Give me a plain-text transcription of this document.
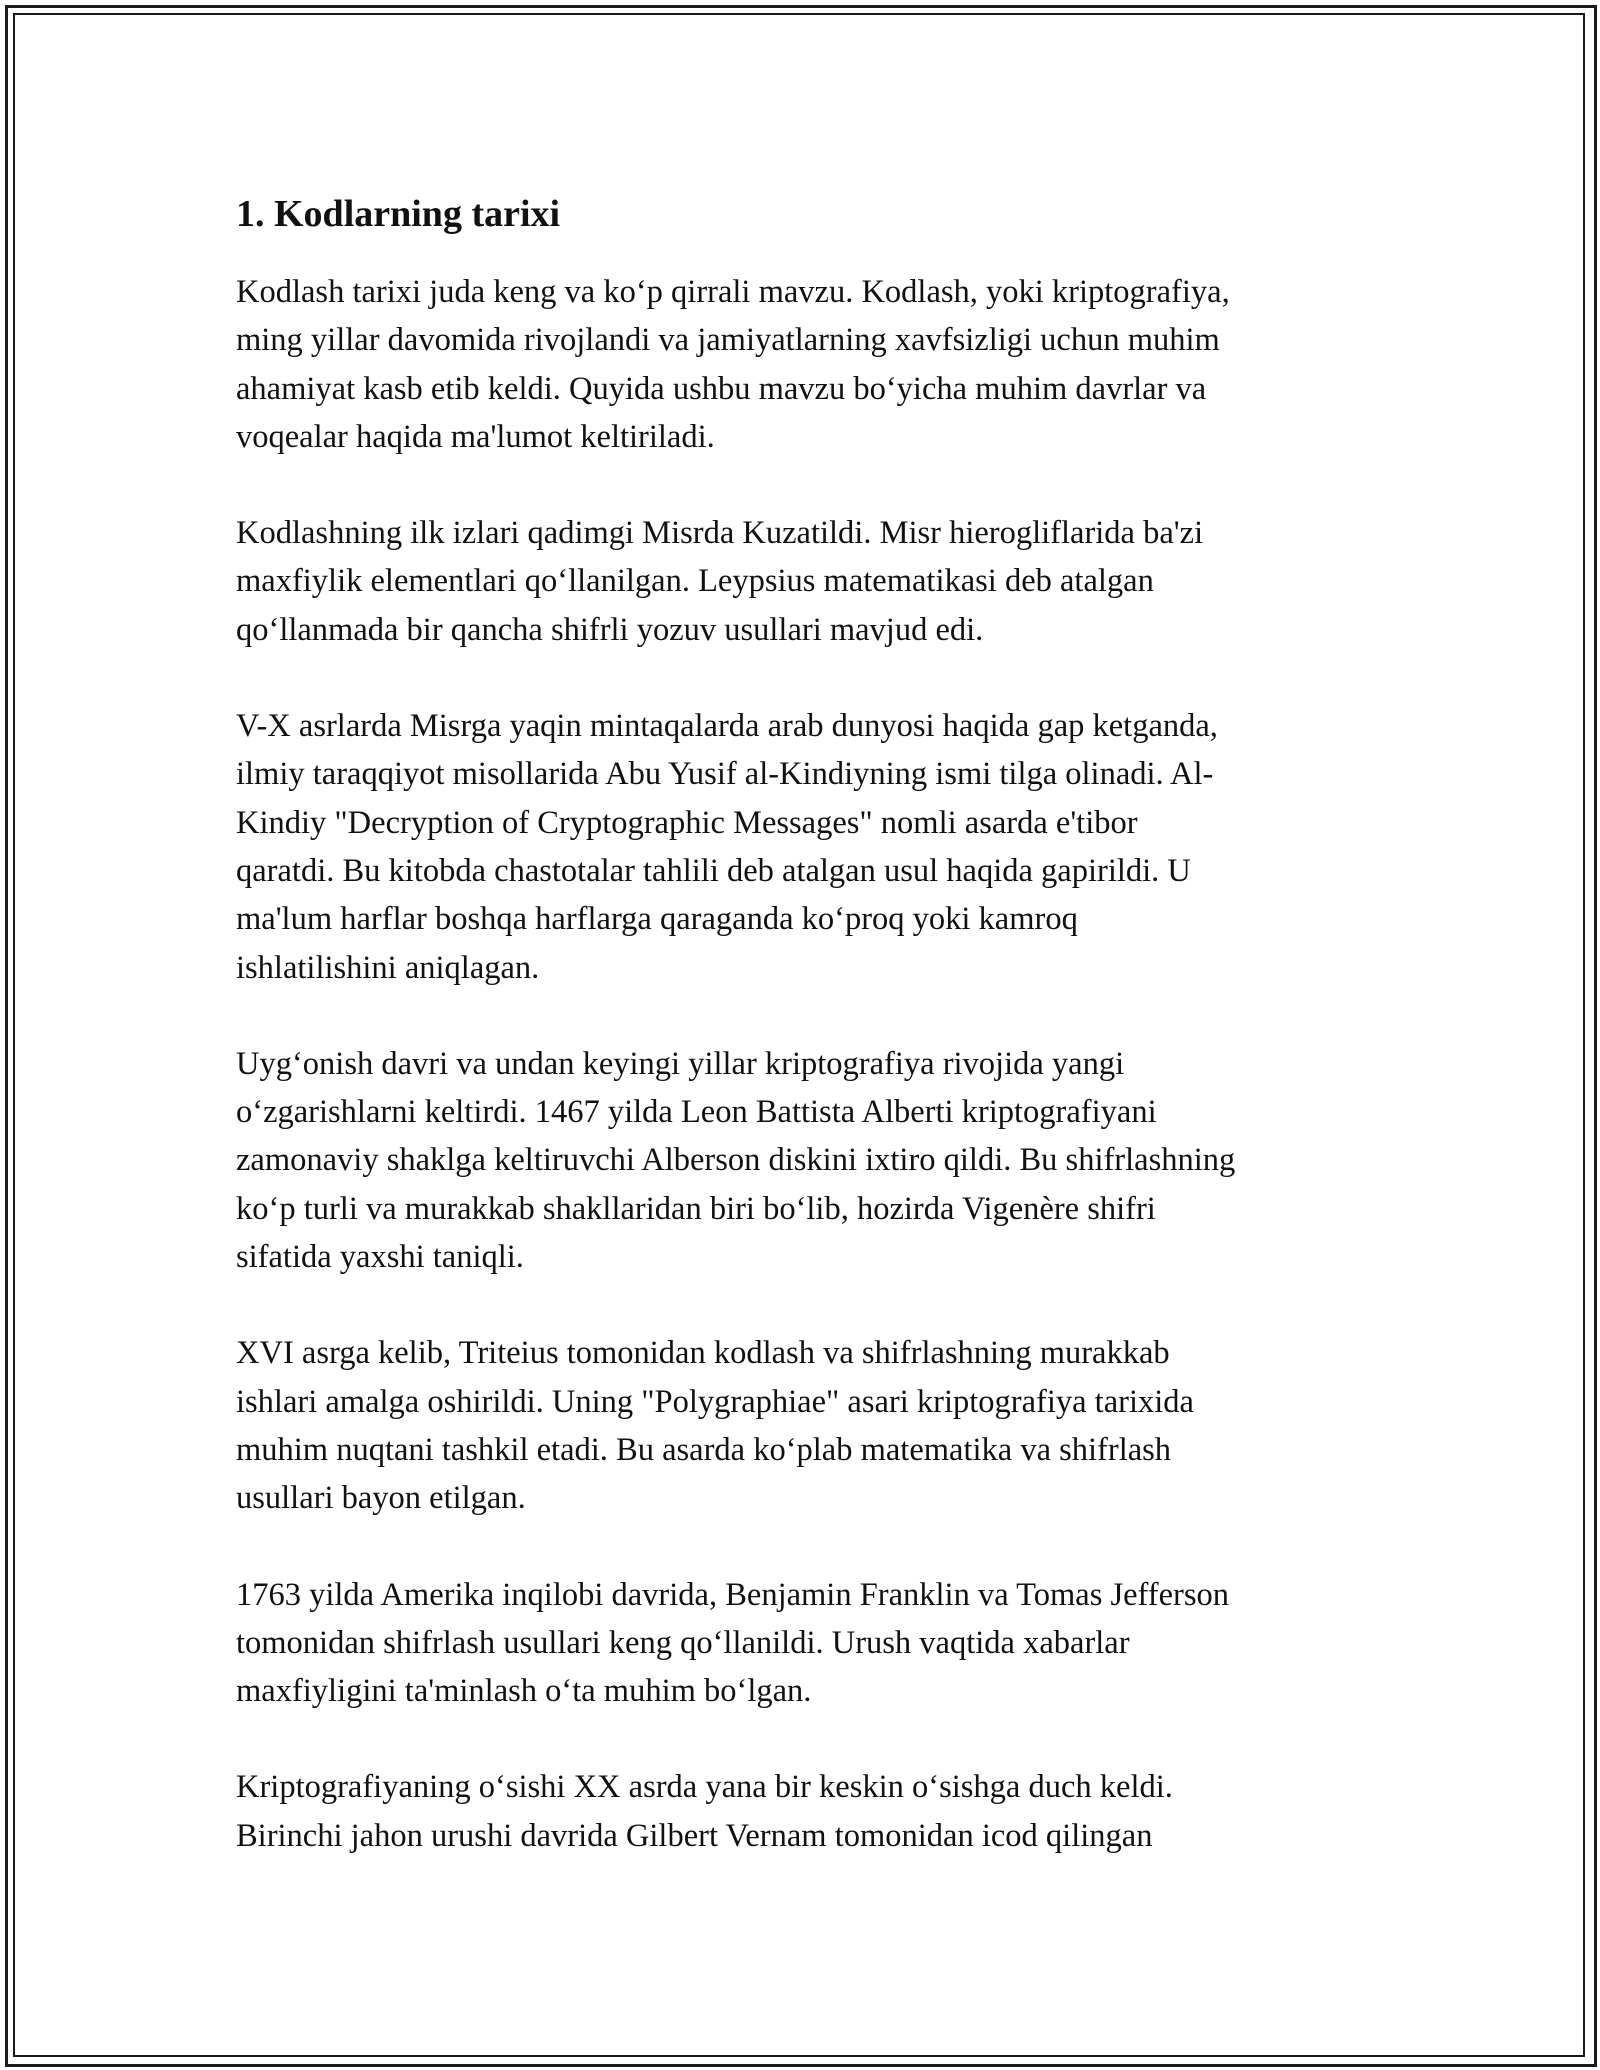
1. Kodlarning tarixi

Kodlash tarixi juda keng va ko‘p qirrali mavzu. Kodlash, yoki kriptografiya,
ming yillar davomida rivojlandi va jamiyatlarning xavfsizligi uchun muhim
ahamiyat kasb etib keldi. Quyida ushbu mavzu bo‘yicha muhim davrlar va
voqealar haqida ma'lumot keltiriladi.

Kodlashning ilk izlari qadimgi Misrda Kuzatildi. Misr hierogliflarida ba'zi
maxfiylik elementlari qo‘llanilgan. Leypsius matematikasi deb atalgan
qo‘llanmada bir qancha shifrli yozuv usullari mavjud edi.

V-X asrlarda Misrga yaqin mintaqalarda arab dunyosi haqida gap ketganda,
ilmiy taraqqiyot misollarida Abu Yusif al-Kindiyning ismi tilga olinadi. Al-
Kindiy "Decryption of Cryptographic Messages" nomli asarda e'tibor
qaratdi. Bu kitobda chastotalar tahlili deb atalgan usul haqida gapirildi. U
ma'lum harflar boshqa harflarga qaraganda ko‘proq yoki kamroq
ishlatilishini aniqlagan.

Uyg‘onish davri va undan keyingi yillar kriptografiya rivojida yangi
o‘zgarishlarni keltirdi. 1467 yilda Leon Battista Alberti kriptografiyani
zamonaviy shaklga keltiruvchi Alberson diskini ixtiro qildi. Bu shifrlashning
ko‘p turli va murakkab shakllaridan biri bo‘lib, hozirda Vigenère shifri
sifatida yaxshi taniqli.

XVI asrga kelib, Triteius tomonidan kodlash va shifrlashning murakkab
ishlari amalga oshirildi. Uning "Polygraphiae" asari kriptografiya tarixida
muhim nuqtani tashkil etadi. Bu asarda ko‘plab matematika va shifrlash
usullari bayon etilgan.

1763 yilda Amerika inqilobi davrida, Benjamin Franklin va Tomas Jefferson
tomonidan shifrlash usullari keng qo‘llanildi. Urush vaqtida xabarlar
maxfiyligini ta'minlash o‘ta muhim bo‘lgan.

Kriptografiyaning o‘sishi XX asrda yana bir keskin o‘sishga duch keldi.
Birinchi jahon urushi davrida Gilbert Vernam tomonidan icod qilingan
